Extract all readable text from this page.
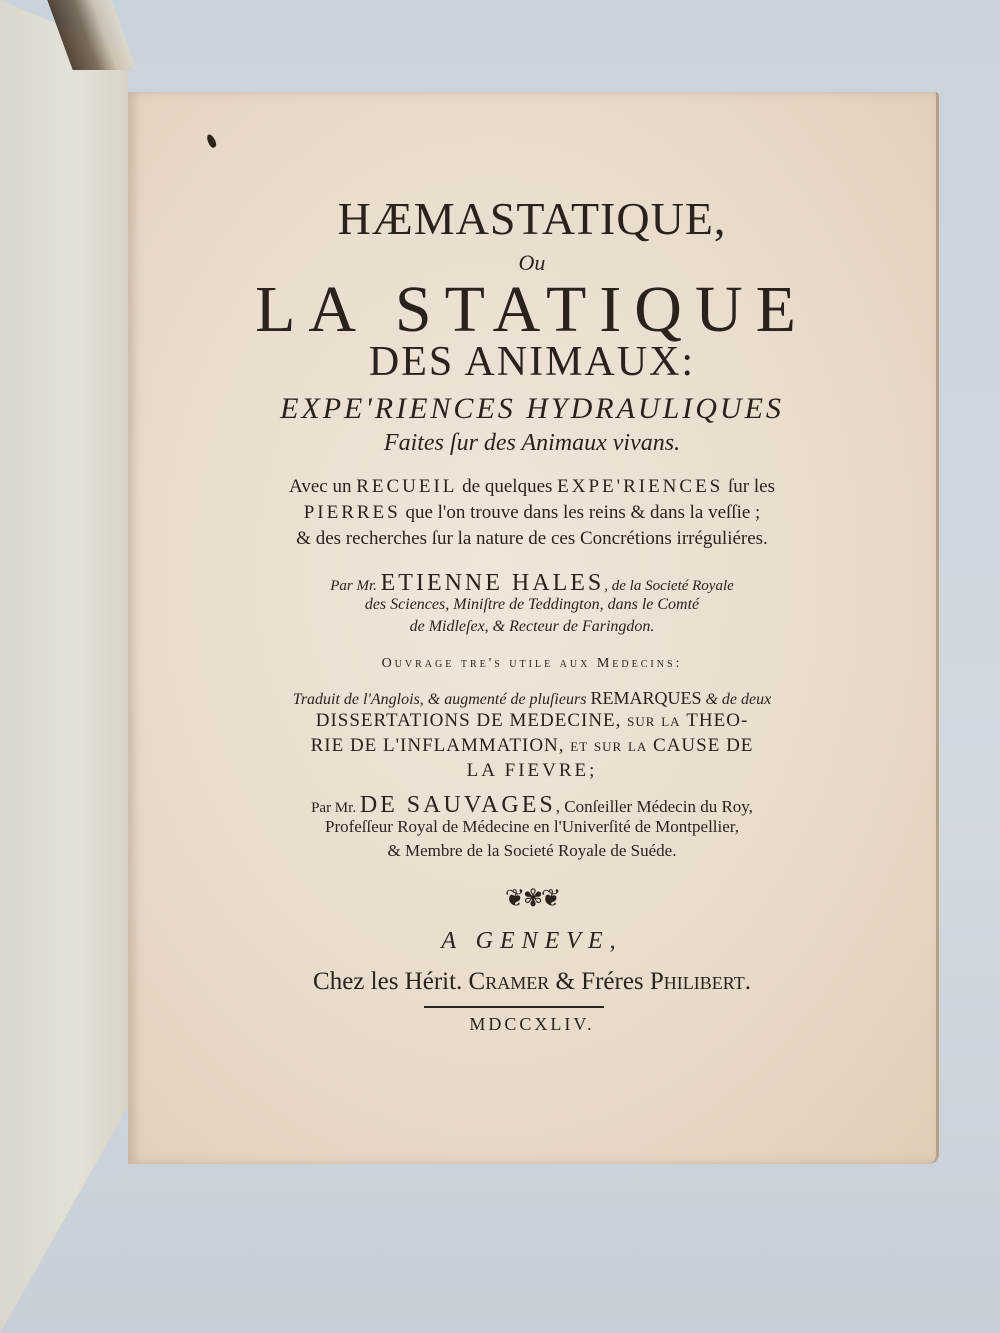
HÆMASTATIQUE,
Ou
LA STATIQUE
DES ANIMAUX:
EXPE'RIENCES HYDRAULIQUES
Faites ſur des Animaux vivans.
Avec un RECUEIL de quelques EXPE'RIENCES ſur les
PIERRES que l'on trouve dans les reins & dans la veſſie ;
& des recherches ſur la nature de ces Concrétions irréguliéres.
Par Mr. ETIENNE HALES, de la Societé Royale
des Sciences, Miniſtre de Teddington, dans le Comté
de Midleſex, & Recteur de Faringdon.
Ouvrage tre's utile aux Medecins:
Traduit de l'Anglois, & augmenté de pluſieurs REMARQUES & de deux
DISSERTATIONS DE MEDECINE, sur la THEO-
RIE DE L'INFLAMMATION, et sur la CAUSE DE
LA FIEVRE;
Par Mr. DE SAUVAGES, Conſeiller Médecin du Roy,
Profeſſeur Royal de Médecine en l'Univerſité de Montpellier,
& Membre de la Societé Royale de Suéde.
❦✾❦
A GENEVE,
Chez les Hérit. Cramer & Fréres Philibert.
MDCCXLIV.
